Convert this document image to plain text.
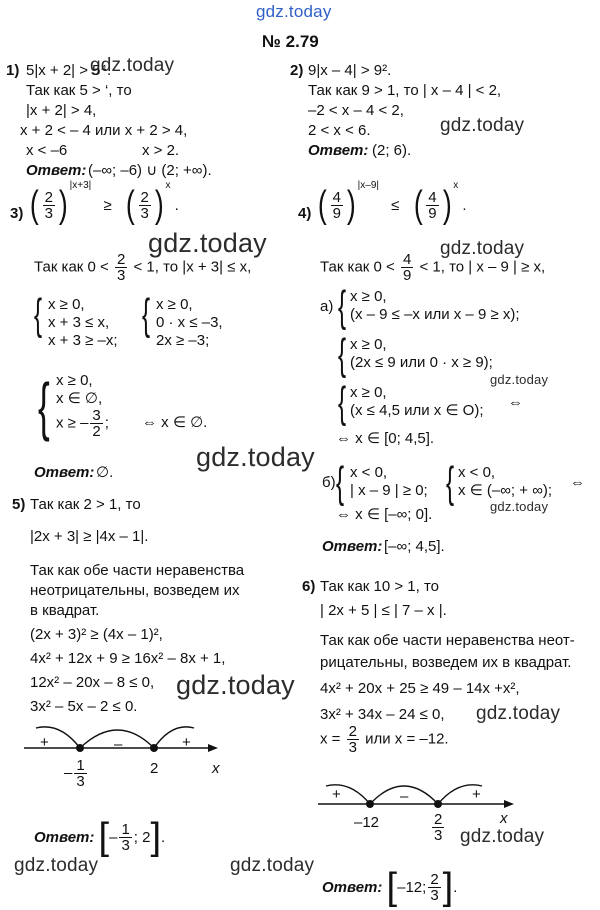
gdz.today
gdz.today
gdz.today
gdz.today	gdz.today
gdz.today
gdz.today
gdz.today
gdz.today
gdz.today
gdz.today
gdz.today	gdz.today
№ 2.79
1) 5|x + 2| > 5⁴.
Так как 5 > ‘, то
|x + 2| > 4,
x + 2 < – 4 или x + 2 > 4,
x < –6	x > 2.
Ответ: (–∞; –6) ∪ (2; +∞).
2) 9|x – 4| > 9².
Так как 9 > 1, то | x – 4 | < 2,
–2 < x – 4 < 2,
2 < x < 6.
Ответ: (2; 6).
3) ( $\frac{2}{3}$ ) $^{|x+3|}$ ≥ ( $\frac{2}{3}$ ) $^x$ .
Так как $0 < \frac{2}{3} < 1$, то |x + 3| ≤ x,
{ x ≥ 0,
x + 3 ≤ x,
x + 3 ≥ –x;
{ x ≥ 0,
0 · x ≤ –3,
2x ≥ –3;
{ x ≥ 0,
x ∈ ∅,
x ≥ – $\frac{3}{2}$ ; ⇔ x ∈ ∅.
Ответ: ∅.
4) ( $\frac{4}{9}$ ) $^{|x-9|}$ ≤ ( $\frac{4}{9}$ ) $^x$ .
Так как $0 < \frac{4}{9} < 1$, то | x – 9 | ≥ x,
а) { x ≥ 0,
(x – 9 ≤ –x или x – 9 ≥ x);
{ x ≥ 0,
(2x ≤ 9 или 0 · x ≥ 9);
{ x ≥ 0,
(x ≤ 4,5 или x ∈ O); ⇔
⇔ x ∈ [0; 4,5].
б) { x < 0,
| x – 9 | ≥ 0; { x < 0,
x ∈ (–∞; + ∞); ⇔
⇔ x ∈ [–∞; 0].
Ответ: [–∞; 4,5].
5) Так как 2 > 1, то
|2x + 3| ≥ |4x – 1|.
Так как обе части неравенства
неотрицательны, возведем их
в квадрат.
(2x + 3)² ≥ (4x – 1)²,
4x² + 12x + 9 ≥ 16x² – 8x + 1,
12x² – 20x – 8 ≤ 0,
3x² – 5x – 2 ≤ 0.
+	–	+
x
– $\frac{1}{3}$	2
Ответ: [– $\frac{1}{3}$ ; 2].
6) Так как 10 > 1, то
| 2x + 5 | ≤ | 7 – x |.
Так как обе части неравенства неот-
рицательны, возведем их в квадрат.
4x² + 20x + 25 ≥ 49 – 14x +x²,
3x² + 34x – 24 ≤ 0,
$x = \frac{2}{3}$ или x = –12.
+	–	+
x
–12	$\frac{2}{3}$
Ответ: [–12; $\frac{2}{3}$ ].
